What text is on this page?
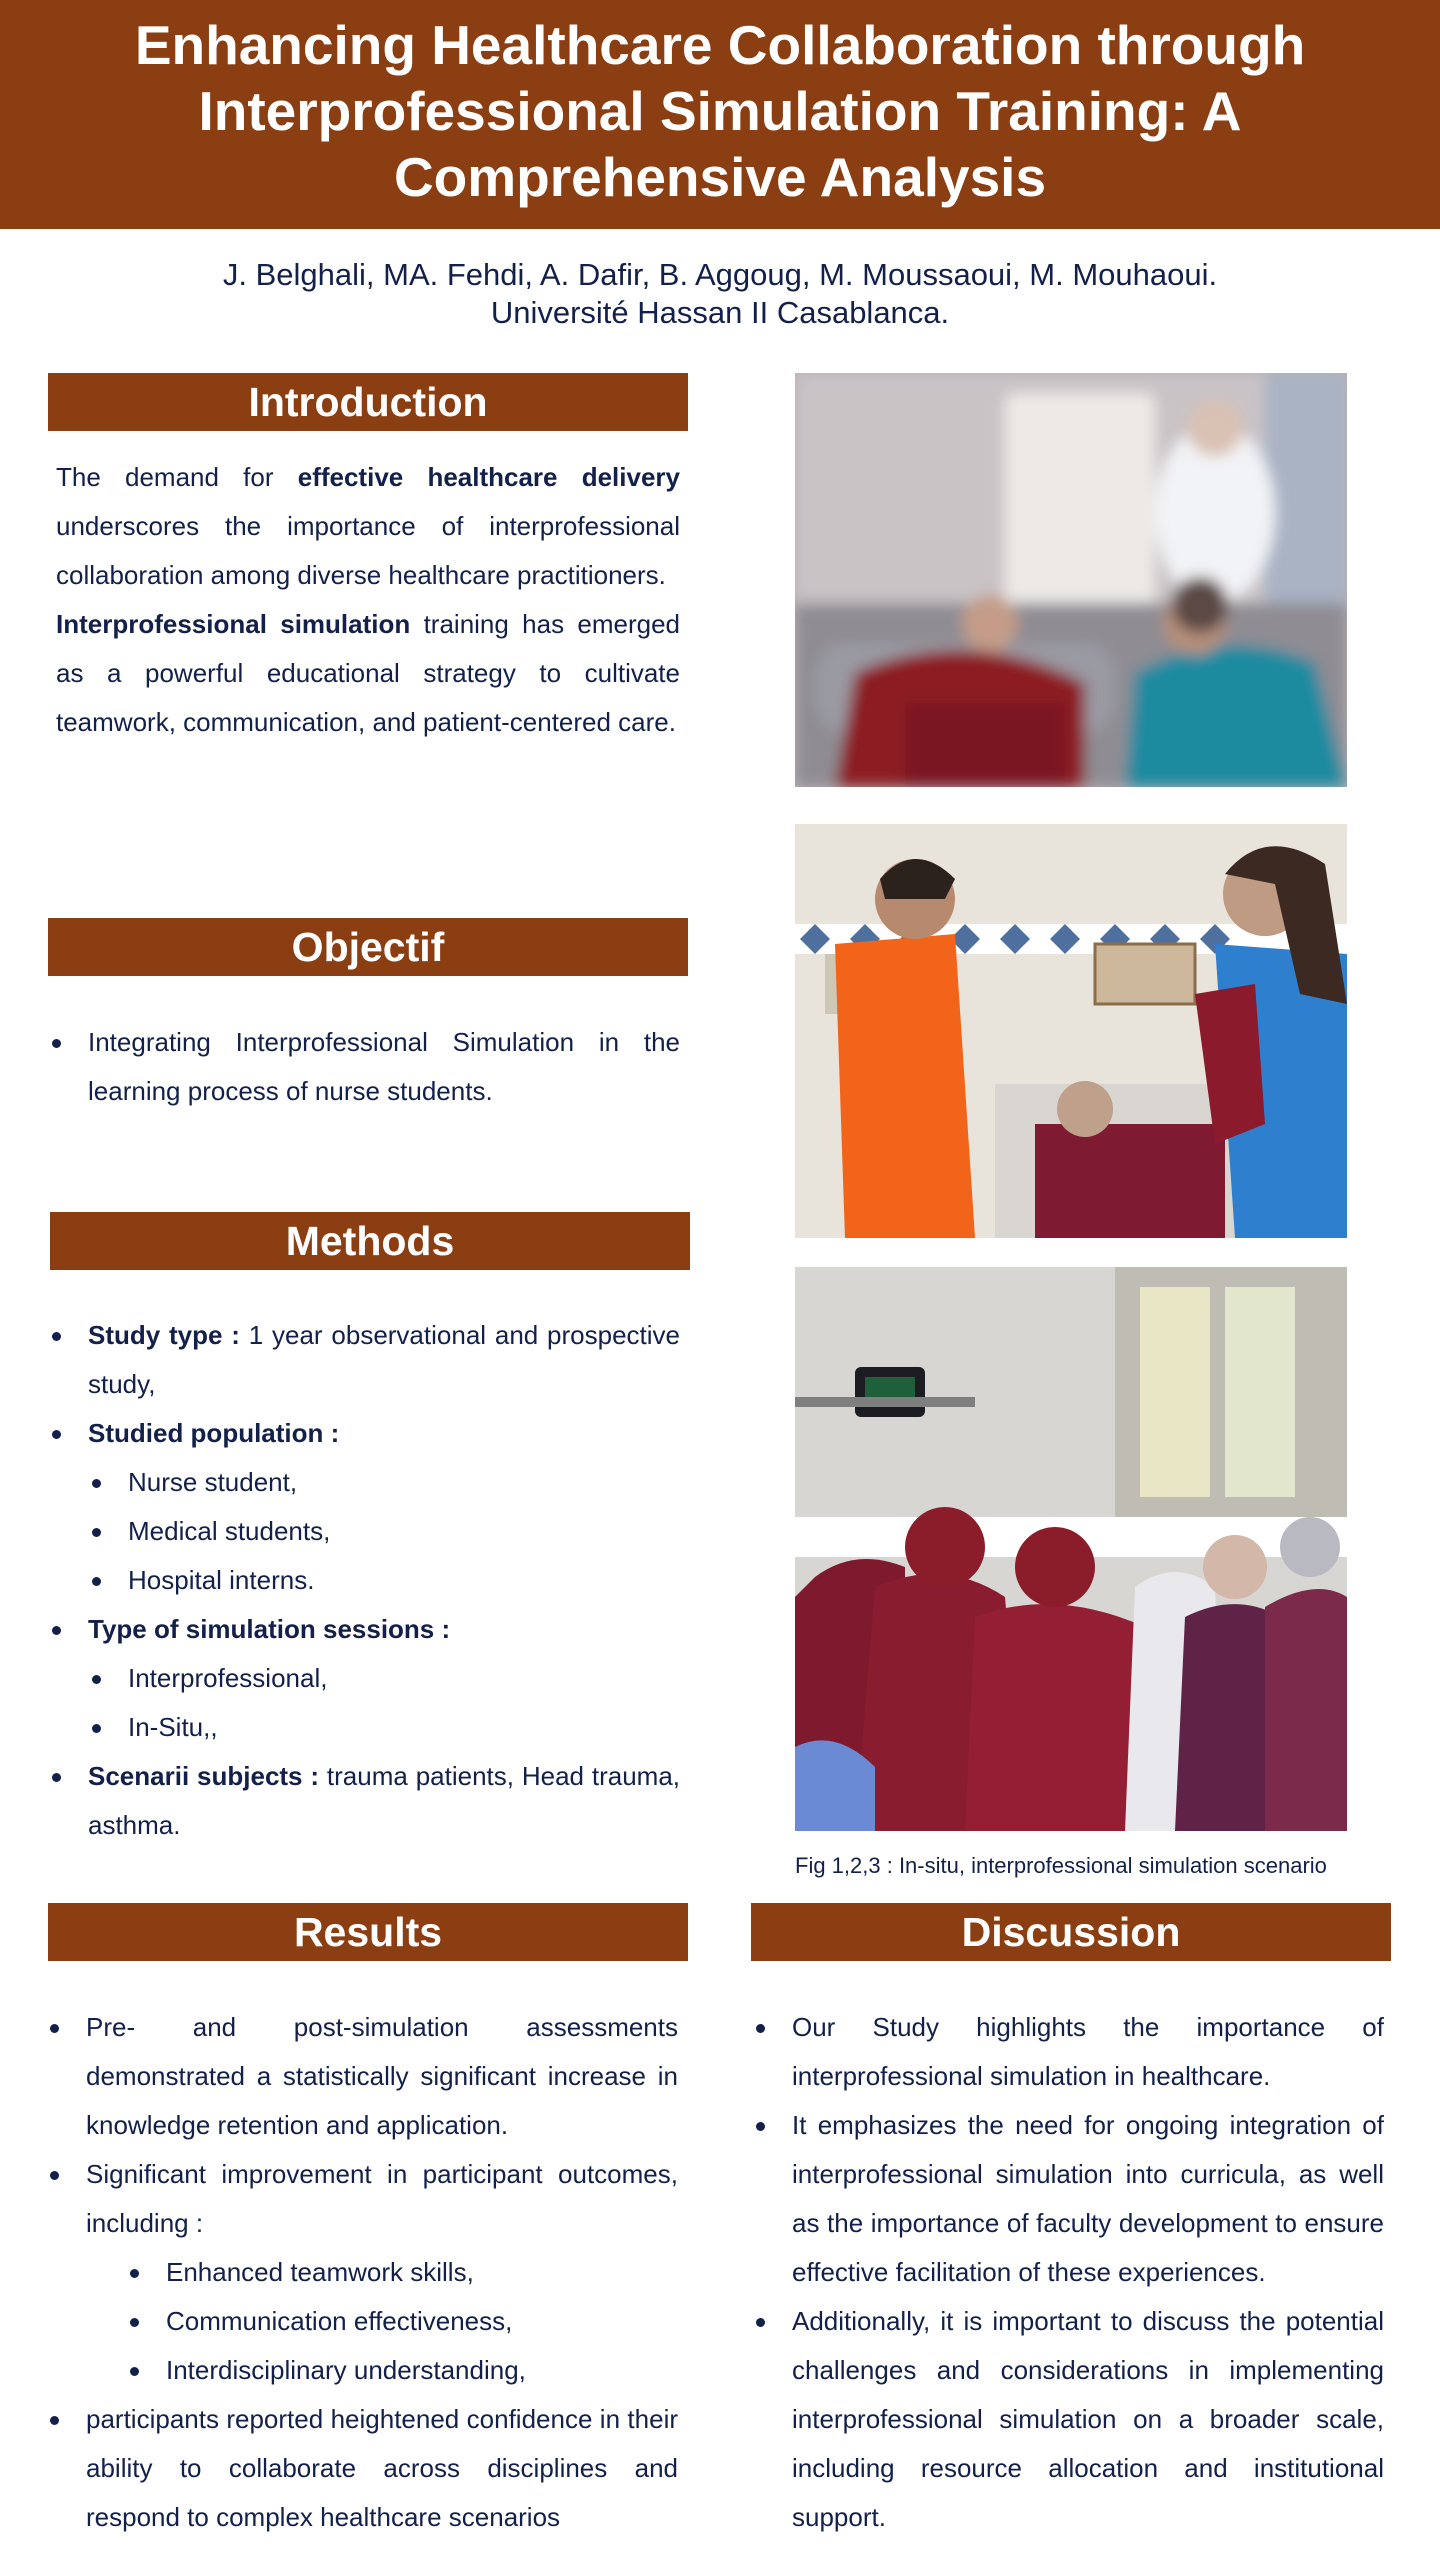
Enhancing Healthcare Collaboration through Interprofessional Simulation Training: A Comprehensive Analysis
J. Belghali, MA. Fehdi, A. Dafir, B. Aggoug, M. Moussaoui, M. Mouhaoui.
Université Hassan II Casablanca.
Introduction

The demand for effective healthcare delivery underscores the importance of interprofessional collaboration among diverse healthcare practitioners.

Interprofessional simulation training has emerged as a powerful educational strategy to cultivate teamwork, communication, and patient-centered care.

Objectif
Integrating Interprofessional Simulation in the learning process of nurse students.
Methods
Study type : 1 year observational and prospective study,
Studied population :
Nurse student,
Medical students,
Hospital interns.
Type of simulation sessions :
Interprofessional,
In-Situ,,
Scenarii subjects : trauma patients, Head trauma, asthma.
Fig 1,2,3 : In-situ, interprofessional simulation scenario
Results
Pre- and post-simulation assessments demonstrated a statistically significant increase in knowledge retention and application.
Significant improvement in participant outcomes, including :
Enhanced teamwork skills,
Communication effectiveness,
Interdisciplinary understanding,
participants reported heightened confidence in their ability to collaborate across disciplines and respond to complex healthcare scenarios
Discussion
Our Study highlights the importance of interprofessional simulation in healthcare.
It emphasizes the need for ongoing integration of interprofessional simulation into curricula, as well as the importance of faculty development to ensure effective facilitation of these experiences.
Additionally, it is important to discuss the potential challenges and considerations in implementing interprofessional simulation on a broader scale, including resource allocation and institutional support.
